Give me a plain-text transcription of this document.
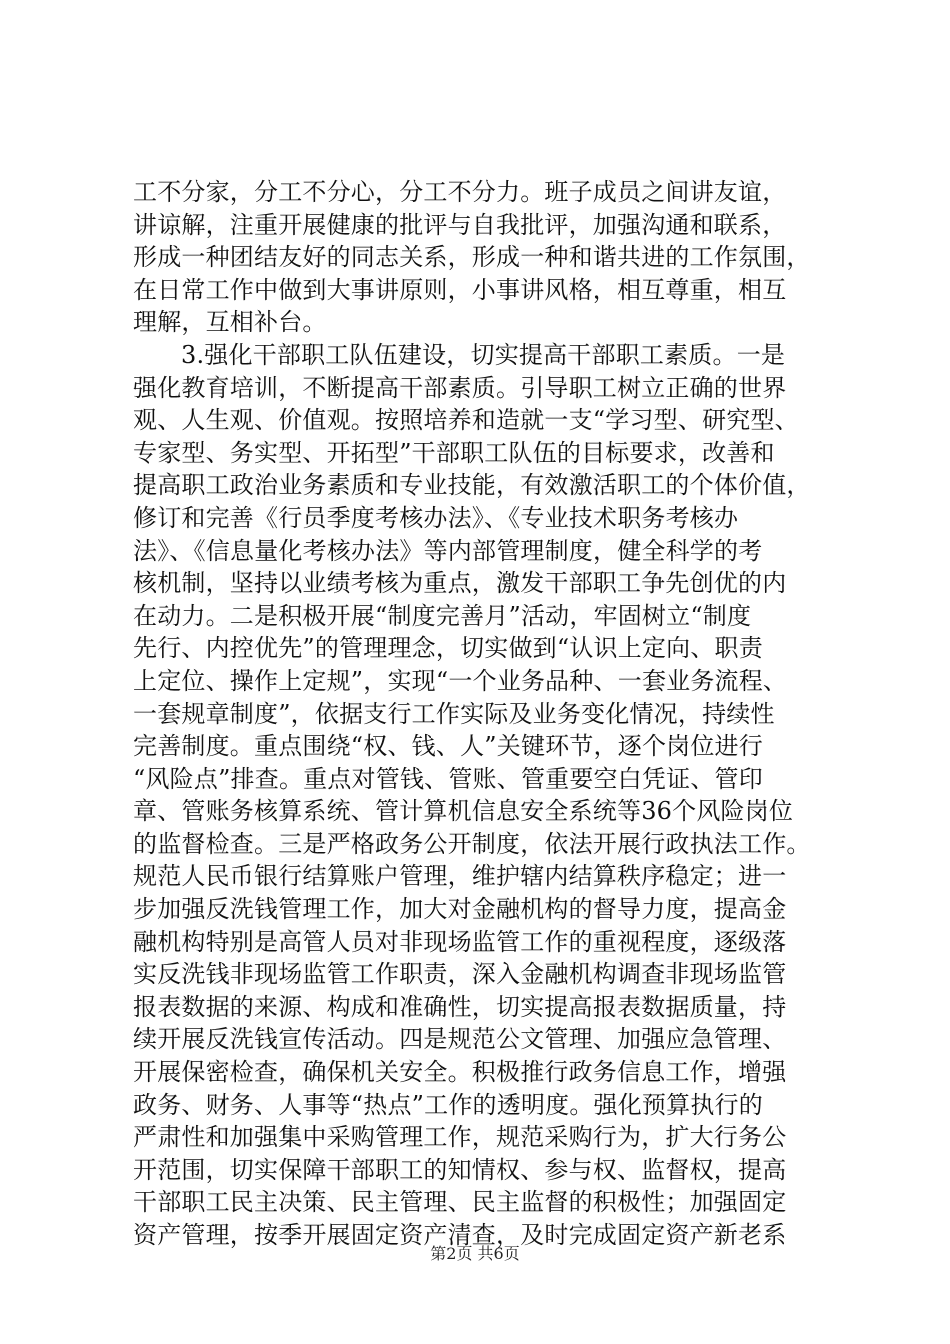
工不分家，分工不分心，分工不分力。班子成员之间讲友谊，
讲谅解，注重开展健康的批评与自我批评，加强沟通和联系，
形成一种团结友好的同志关系，形成一种和谐共进的工作氛围，
在日常工作中做到大事讲原则，小事讲风格，相互尊重，相互
理解，互相补台。
3.强化干部职工队伍建设，切实提高干部职工素质。一是
强化教育培训，不断提高干部素质。引导职工树立正确的世界
观、人生观、价值观。按照培养和造就一支“学习型、研究型、
专家型、务实型、开拓型”干部职工队伍的目标要求，改善和
提高职工政治业务素质和专业技能，有效激活职工的个体价值，
修订和完善《行员季度考核办法》、《专业技术职务考核办
法》、《信息量化考核办法》等内部管理制度，健全科学的考
核机制，坚持以业绩考核为重点，激发干部职工争先创优的内
在动力。二是积极开展“制度完善月”活动，牢固树立“制度
先行、内控优先”的管理理念，切实做到“认识上定向、职责
上定位、操作上定规”，实现“一个业务品种、一套业务流程、
一套规章制度”，依据支行工作实际及业务变化情况，持续性
完善制度。重点围绕“权、钱、人”关键环节，逐个岗位进行
“风险点”排查。重点对管钱、管账、管重要空白凭证、管印
章、管账务核算系统、管计算机信息安全系统等36个风险岗位
的监督检查。三是严格政务公开制度，依法开展行政执法工作。
规范人民币银行结算账户管理，维护辖内结算秩序稳定；进一
步加强反洗钱管理工作，加大对金融机构的督导力度，提高金
融机构特别是高管人员对非现场监管工作的重视程度，逐级落
实反洗钱非现场监管工作职责，深入金融机构调查非现场监管
报表数据的来源、构成和准确性，切实提高报表数据质量，持
续开展反洗钱宣传活动。四是规范公文管理、加强应急管理、
开展保密检查，确保机关安全。积极推行政务信息工作，增强
政务、财务、人事等“热点”工作的透明度。强化预算执行的
严肃性和加强集中采购管理工作，规范采购行为，扩大行务公
开范围，切实保障干部职工的知情权、参与权、监督权，提高
干部职工民主决策、民主管理、民主监督的积极性；加强固定
资产管理，按季开展固定资产清查，及时完成固定资产新老系
第2页 共6页
